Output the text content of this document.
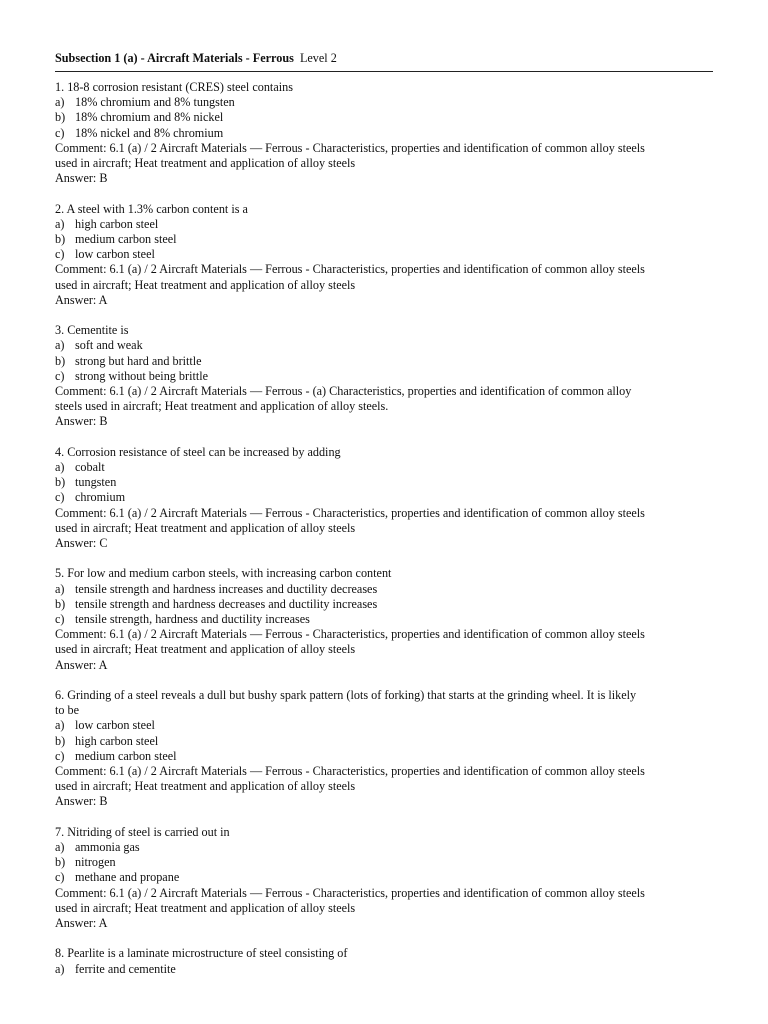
Subsection 1 (a) - Aircraft Materials - Ferrous Level 2
1. 18-8 corrosion resistant (CRES) steel contains
a) 18% chromium and 8% tungsten
b) 18% chromium and 8% nickel
c) 18% nickel and 8% chromium
Comment: 6.1 (a) / 2 Aircraft Materials — Ferrous - Characteristics, properties and identification of common alloy steels
used in aircraft; Heat treatment and application of alloy steels
Answer: B
2. A steel with 1.3% carbon content is a
a) high carbon steel
b) medium carbon steel
c) low carbon steel
Comment: 6.1 (a) / 2 Aircraft Materials — Ferrous - Characteristics, properties and identification of common alloy steels
used in aircraft; Heat treatment and application of alloy steels
Answer: A
3. Cementite is
a) soft and weak
b) strong but hard and brittle
c) strong without being brittle
Comment: 6.1 (a) / 2 Aircraft Materials — Ferrous - (a) Characteristics, properties and identification of common alloy
steels used in aircraft; Heat treatment and application of alloy steels.
Answer: B
4. Corrosion resistance of steel can be increased by adding
a) cobalt
b) tungsten
c) chromium
Comment: 6.1 (a) / 2 Aircraft Materials — Ferrous - Characteristics, properties and identification of common alloy steels
used in aircraft; Heat treatment and application of alloy steels
Answer: C
5. For low and medium carbon steels, with increasing carbon content
a) tensile strength and hardness increases and ductility decreases
b) tensile strength and hardness decreases and ductility increases
c) tensile strength, hardness and ductility increases
Comment: 6.1 (a) / 2 Aircraft Materials — Ferrous - Characteristics, properties and identification of common alloy steels
used in aircraft; Heat treatment and application of alloy steels
Answer: A
6. Grinding of a steel reveals a dull but bushy spark pattern (lots of forking) that starts at the grinding wheel. It is likely
to be
a) low carbon steel
b) high carbon steel
c) medium carbon steel
Comment: 6.1 (a) / 2 Aircraft Materials — Ferrous - Characteristics, properties and identification of common alloy steels
used in aircraft; Heat treatment and application of alloy steels
Answer: B
7. Nitriding of steel is carried out in
a) ammonia gas
b) nitrogen
c) methane and propane
Comment: 6.1 (a) / 2 Aircraft Materials — Ferrous - Characteristics, properties and identification of common alloy steels
used in aircraft; Heat treatment and application of alloy steels
Answer: A
8. Pearlite is a laminate microstructure of steel consisting of
a) ferrite and cementite
